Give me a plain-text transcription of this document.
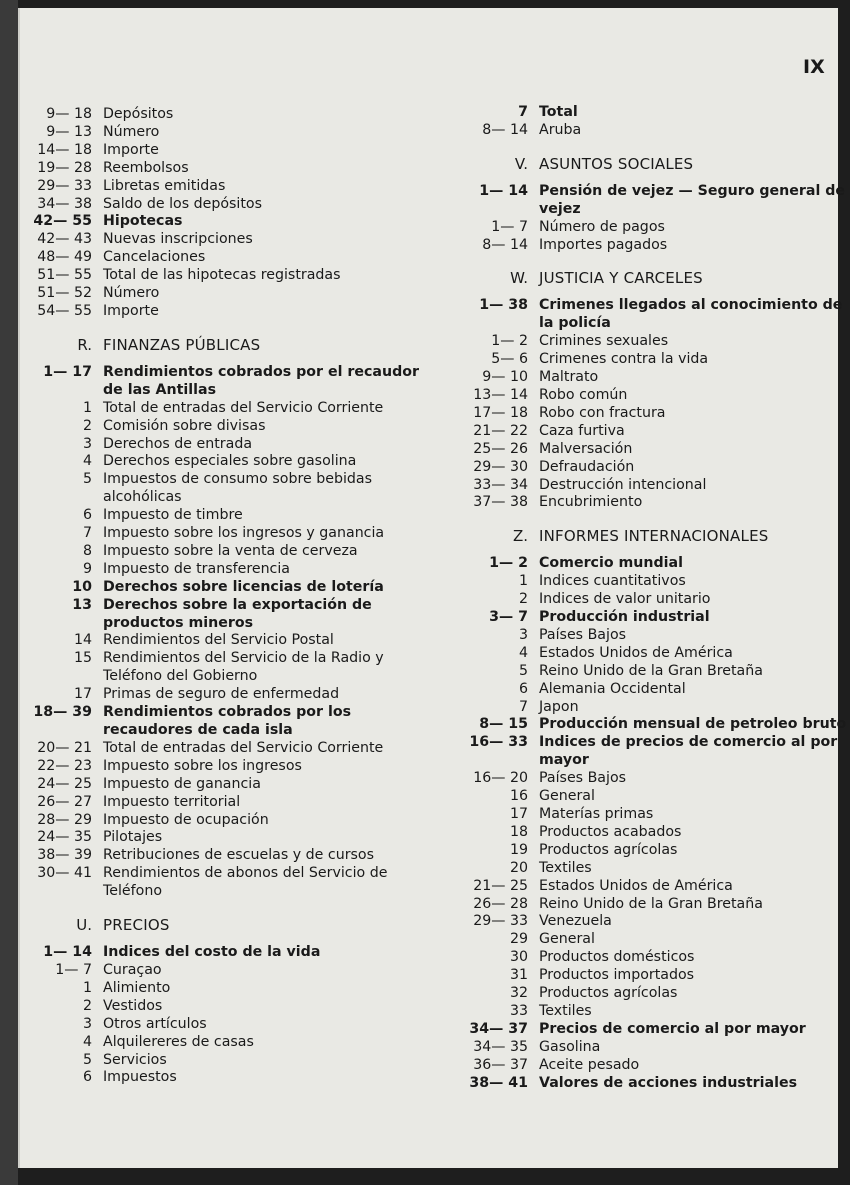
IX
9— 18 Depósitos
9— 13 Número
14— 18 Importe
19— 28 Reembolsos
29— 33 Libretas emitidas
34— 38 Saldo de los depósitos
42— 55 Hipotecas
42— 43 Nuevas inscripciones
48— 49 Cancelaciones
51— 55 Total de las hipotecas registradas
51— 52 Número
54— 55 Importe
R. FINANZAS PÚBLICAS
1— 17 Rendimientos cobrados por el recaudor de las Antillas
1 Total de entradas del Servicio Corriente
2 Comisión sobre divisas
3 Derechos de entrada
4 Derechos especiales sobre gasolina
5 Impuestos de consumo sobre bebidas alcohólicas
6 Impuesto de timbre
7 Impuesto sobre los ingresos y ganancia
8 Impuesto sobre la venta de cerveza
9 Impuesto de transferencia
10 Derechos sobre licencias de lotería
13 Derechos sobre la exportación de productos mineros
14 Rendimientos del Servicio Postal
15 Rendimientos del Servicio de la Radio y Teléfono del Gobierno
17 Primas de seguro de enfermedad
18— 39 Rendimientos cobrados por los recaudores de cada isla
20— 21 Total de entradas del Servicio Corriente
22— 23 Impuesto sobre los ingresos
24— 25 Impuesto de ganancia
26— 27 Impuesto territorial
28— 29 Impuesto de ocupación
24— 35 Pilotajes
38— 39 Retribuciones de escuelas y de cursos
30— 41 Rendimientos de abonos del Servicio de Teléfono
U. PRECIOS
1— 14 Indices del costo de la vida
1— 7 Curaçao
1 Alimiento
2 Vestidos
3 Otros artículos
4 Alquilereres de casas
5 Servicios
6 Impuestos
7 Total
8— 14 Aruba
V. ASUNTOS SOCIALES
1— 14 Pensión de vejez — Seguro general de vejez
1— 7 Número de pagos
8— 14 Importes pagados
W. JUSTICIA Y CARCELES
1— 38 Crimenes llegados al conocimiento de la policía
1— 2 Crimines sexuales
5— 6 Crimenes contra la vida
9— 10 Maltrato
13— 14 Robo común
17— 18 Robo con fractura
21— 22 Caza furtiva
25— 26 Malversación
29— 30 Defraudación
33— 34 Destrucción intencional
37— 38 Encubrimiento
Z. INFORMES INTERNACIONALES
1— 2 Comercio mundial
1 Indices cuantitativos
2 Indices de valor unitario
3— 7 Producción industrial
3 Países Bajos
4 Estados Unidos de América
5 Reino Unido de la Gran Bretaña
6 Alemania Occidental
7 Japon
8— 15 Producción mensual de petroleo bruto
16— 33 Indices de precios de comercio al por mayor
16— 20 Países Bajos
16 General
17 Materías primas
18 Productos acabados
19 Productos agrícolas
20 Textiles
21— 25 Estados Unidos de América
26— 28 Reino Unido de la Gran Bretaña
29— 33 Venezuela
29 General
30 Productos domésticos
31 Productos importados
32 Productos agrícolas
33 Textiles
34— 37 Precios de comercio al por mayor
34— 35 Gasolina
36— 37 Aceite pesado
38— 41 Valores de acciones industriales
